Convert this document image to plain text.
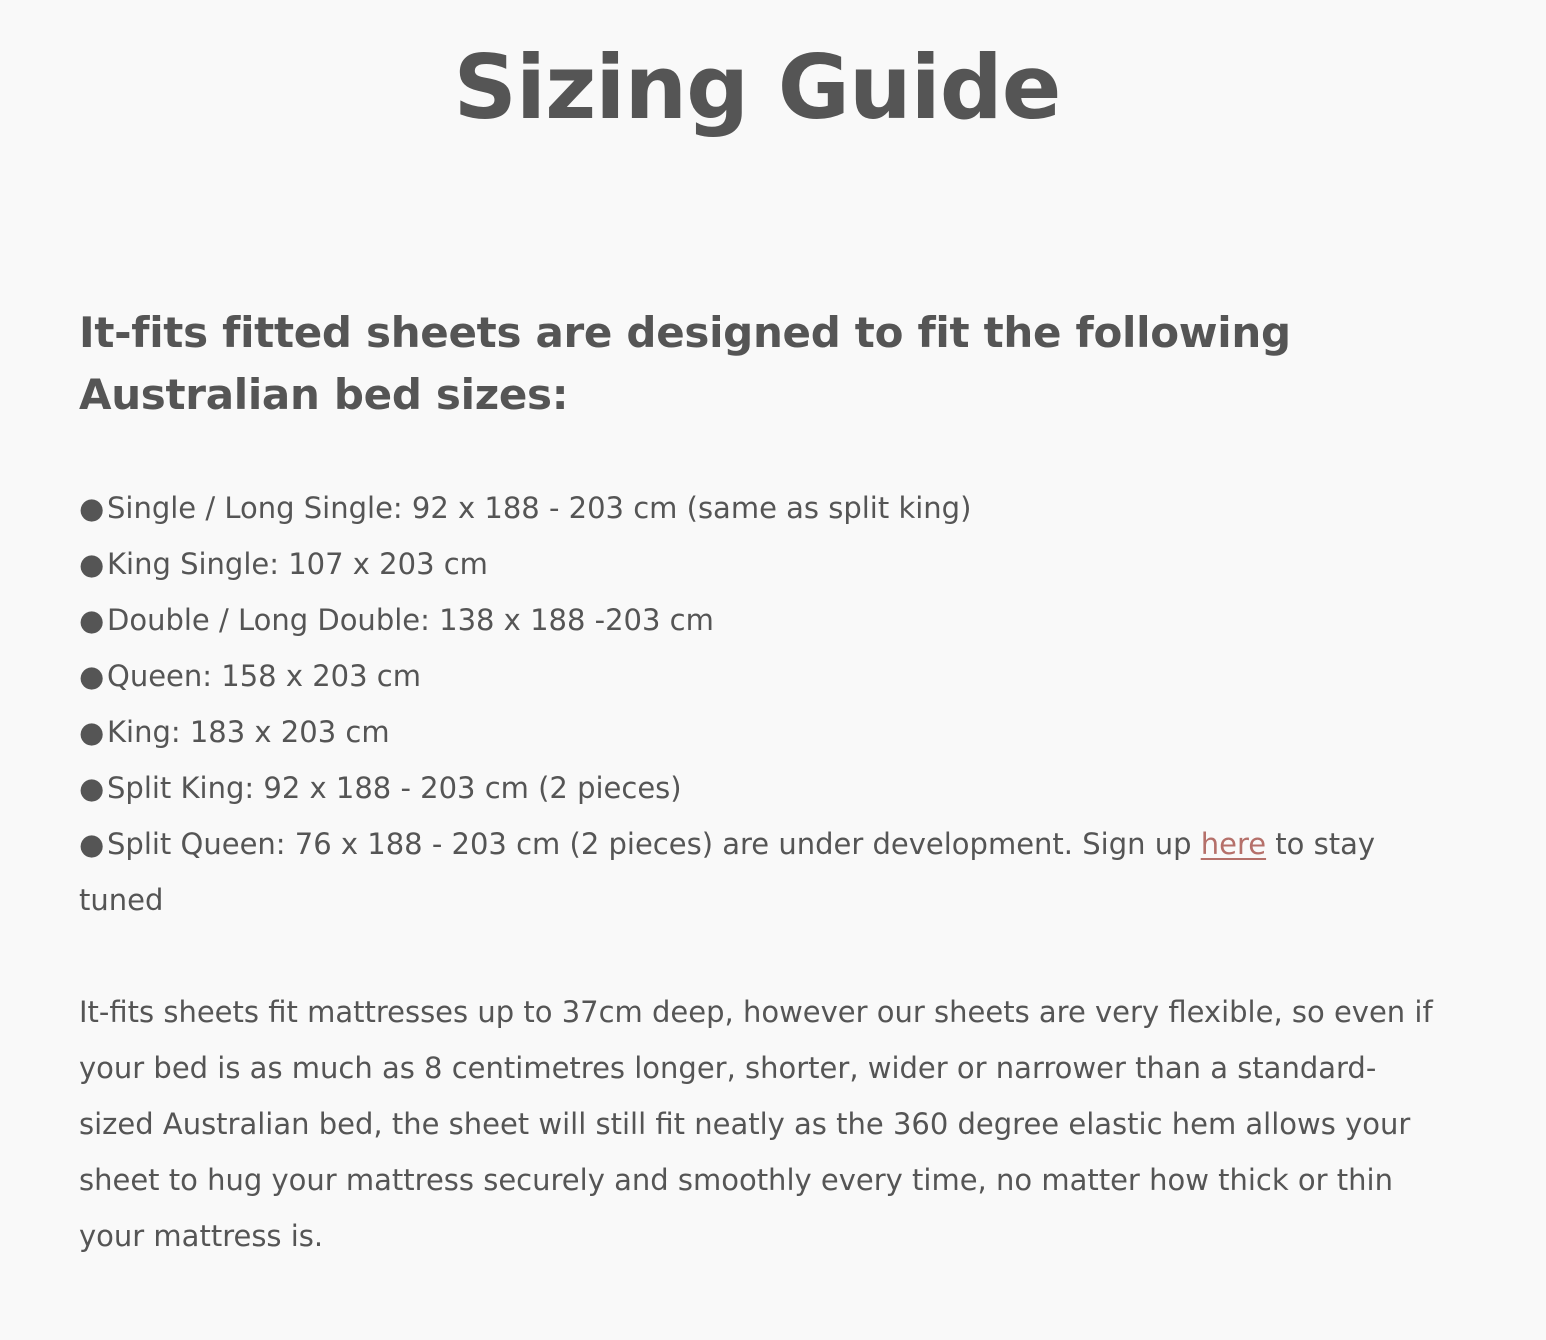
Sizing Guide
It-fits fitted sheets are designed to fit the following Australian bed sizes:
●Single / Long Single: 92 x 188 - 203 cm (same as split king)
●King Single: 107 x 203 cm
●Double / Long Double: 138 x 188 -203 cm
●Queen: 158 x 203 cm
●King: 183 x 203 cm
●Split King: 92 x 188 - 203 cm (2 pieces)
●Split Queen: 76 x 188 - 203 cm (2 pieces) are under development. Sign up here to stay tuned

It-fits sheets fit mattresses up to 37cm deep, however our sheets are very flexible, so even if your bed is as much as 8 centimetres longer, shorter, wider or narrower than a standard-sized Australian bed, the sheet will still fit neatly as the 360 degree elastic hem allows your sheet to hug your mattress securely and smoothly every time, no matter how thick or thin your mattress is.
